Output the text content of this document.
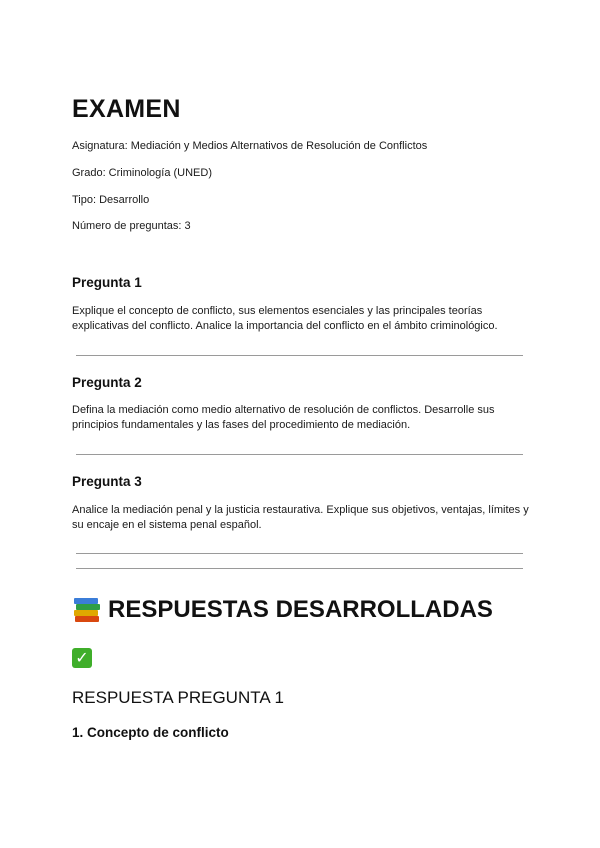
EXAMEN
Asignatura: Mediación y Medios Alternativos de Resolución de Conflictos
Grado: Criminología (UNED)
Tipo: Desarrollo
Número de preguntas: 3
Pregunta 1
Explique el concepto de conflicto, sus elementos esenciales y las principales teorías explicativas del conflicto. Analice la importancia del conflicto en el ámbito criminológico.
Pregunta 2
Defina la mediación como medio alternativo de resolución de conflictos. Desarrolle sus principios fundamentales y las fases del procedimiento de mediación.
Pregunta 3
Analice la mediación penal y la justicia restaurativa. Explique sus objetivos, ventajas, límites y su encaje en el sistema penal español.
RESPUESTAS DESARROLLADAS
✓
RESPUESTA PREGUNTA 1
1. Concepto de conflicto
